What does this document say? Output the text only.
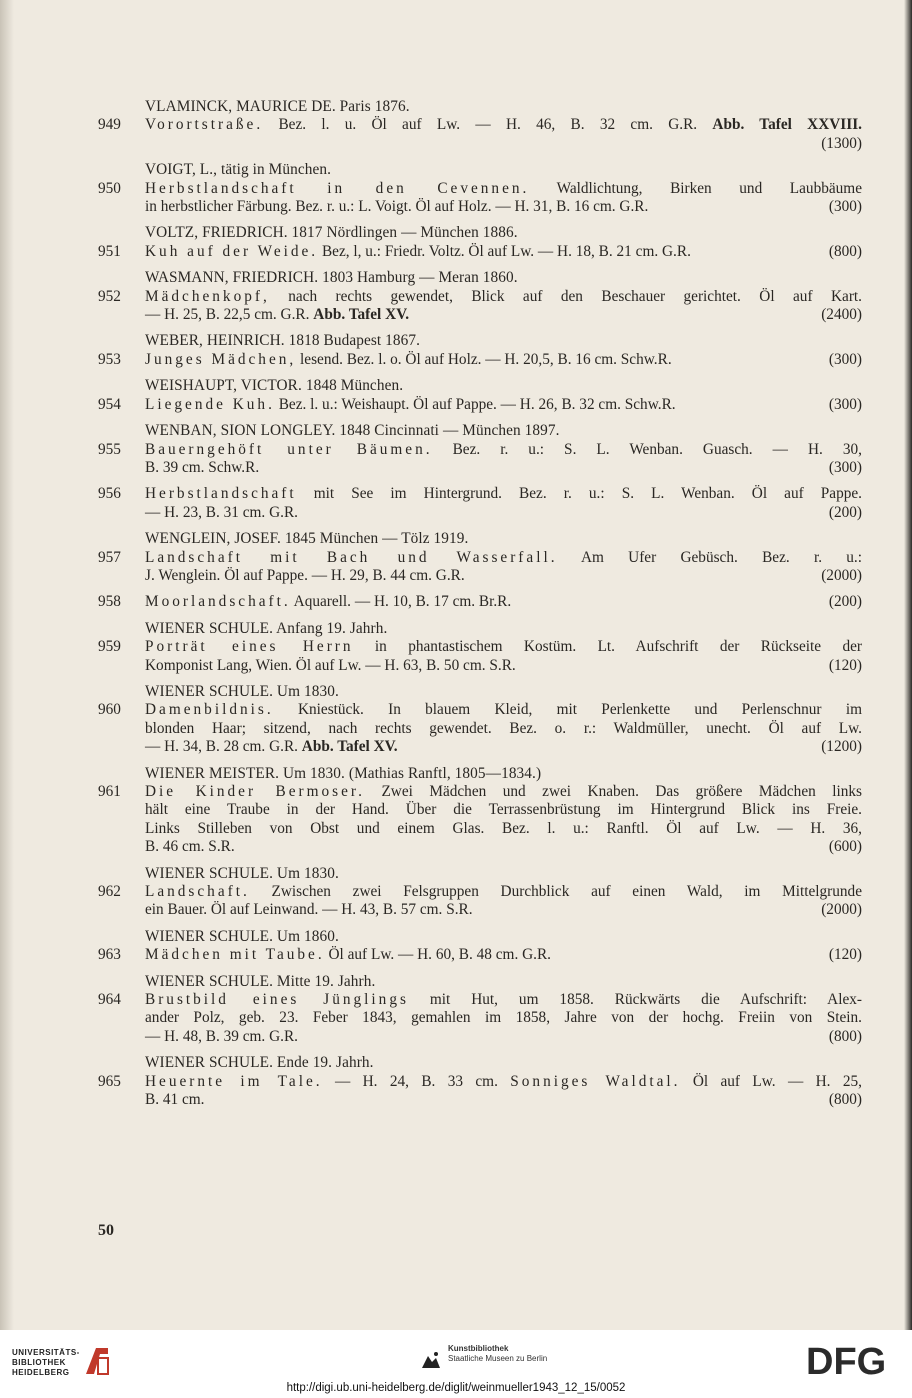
VLAMINCK, MAURICE DE. Paris 1876.
949 Vorortstraße. Bez. l. u. Öl auf Lw. — H. 46, B. 32 cm. G.R. Abb. Tafel XXVIII.
(1300)
VOIGT, L., tätig in München.
950 Herbstlandschaft in den Cevennen. Waldlichtung, Birken und Laubbäume
in herbstlicher Färbung. Bez. r. u.: L. Voigt. Öl auf Holz. — H. 31, B. 16 cm. G.R.	(300)
VOLTZ, FRIEDRICH. 1817 Nördlingen — München 1886.
951 Kuh auf der Weide. Bez, l, u.: Friedr. Voltz. Öl auf Lw. — H. 18, B. 21 cm. G.R.	(800)
WASMANN, FRIEDRICH. 1803 Hamburg — Meran 1860.
952 Mädchenkopf, nach rechts gewendet, Blick auf den Beschauer gerichtet. Öl auf Kart.
— H. 25, B. 22,5 cm. G.R. Abb. Tafel XV.	(2400)
WEBER, HEINRICH. 1818 Budapest 1867.
953 Junges Mädchen, lesend. Bez. l. o. Öl auf Holz. — H. 20,5, B. 16 cm. Schw.R.	(300)
WEISHAUPT, VICTOR. 1848 München.
954 Liegende Kuh. Bez. l. u.: Weishaupt. Öl auf Pappe. — H. 26, B. 32 cm. Schw.R.	(300)
WENBAN, SION LONGLEY. 1848 Cincinnati — München 1897.
955 Bauerngehöft unter Bäumen. Bez. r. u.: S. L. Wenban. Guasch. — H. 30,
B. 39 cm. Schw.R.	(300)
956 Herbstlandschaft mit See im Hintergrund. Bez. r. u.: S. L. Wenban. Öl auf Pappe.
— H. 23, B. 31 cm. G.R.	(200)
WENGLEIN, JOSEF. 1845 München — Tölz 1919.
957 Landschaft mit Bach und Wasserfall. Am Ufer Gebüsch. Bez. r. u.:
J. Wenglein. Öl auf Pappe. — H. 29, B. 44 cm. G.R.	(2000)
958 Moorlandschaft. Aquarell. — H. 10, B. 17 cm. Br.R.	(200)
WIENER SCHULE. Anfang 19. Jahrh.
959 Porträt eines Herrn in phantastischem Kostüm. Lt. Aufschrift der Rückseite der
Komponist Lang, Wien. Öl auf Lw. — H. 63, B. 50 cm. S.R.	(120)
WIENER SCHULE. Um 1830.
960 Damenbildnis. Kniestück. In blauem Kleid, mit Perlenkette und Perlenschnur im
blonden Haar; sitzend, nach rechts gewendet. Bez. o. r.: Waldmüller, unecht. Öl auf Lw.
— H. 34, B. 28 cm. G.R. Abb. Tafel XV.	(1200)
WIENER MEISTER. Um 1830. (Mathias Ranftl, 1805—1834.)
961 Die Kinder Bermoser. Zwei Mädchen und zwei Knaben. Das größere Mädchen links
hält eine Traube in der Hand. Über die Terrassenbrüstung im Hintergrund Blick ins Freie.
Links Stilleben von Obst und einem Glas. Bez. l. u.: Ranftl. Öl auf Lw. — H. 36,
B. 46 cm. S.R.	(600)
WIENER SCHULE. Um 1830.
962 Landschaft. Zwischen zwei Felsgruppen Durchblick auf einen Wald, im Mittelgrunde
ein Bauer. Öl auf Leinwand. — H. 43, B. 57 cm. S.R.	(2000)
WIENER SCHULE. Um 1860.
963 Mädchen mit Taube. Öl auf Lw. — H. 60, B. 48 cm. G.R.	(120)
WIENER SCHULE. Mitte 19. Jahrh.
964 Brustbild eines Jünglings mit Hut, um 1858. Rückwärts die Aufschrift: Alex-
ander Polz, geb. 23. Feber 1843, gemahlen im 1858, Jahre von der hochg. Freiin von Stein.
— H. 48, B. 39 cm. G.R.	(800)
WIENER SCHULE. Ende 19. Jahrh.
965 Heuernte im Tale. — H. 24, B. 33 cm. Sonniges Waldtal. Öl auf Lw. — H. 25,
B. 41 cm.	(800)
50
UNIVERSITÄTS-
BIBLIOTHEK
HEIDELBERG
Kunstbibliothek
Staatliche Museen zu Berlin	DFG
http://digi.ub.uni-heidelberg.de/diglit/weinmueller1943_12_15/0052
